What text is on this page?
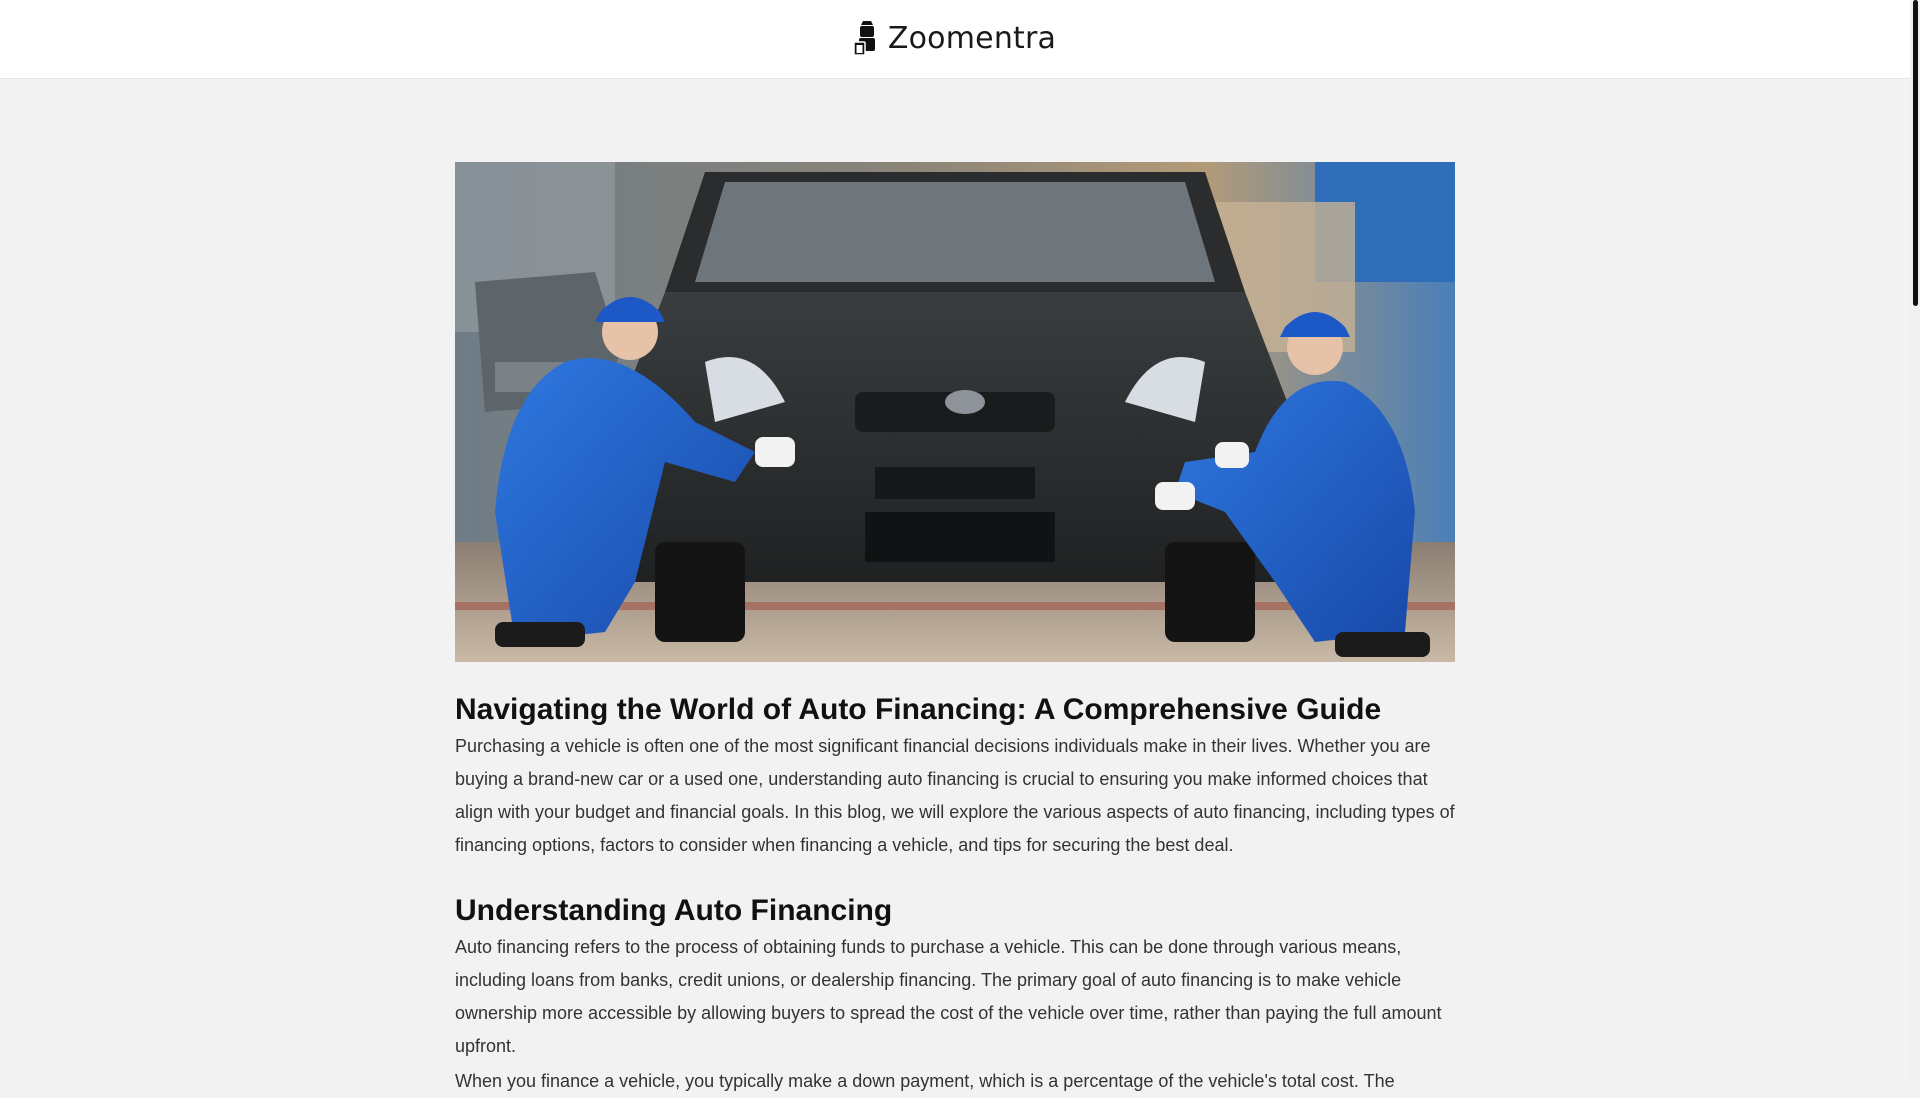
Zoomentra
Navigating the World of Auto Financing: A Comprehensive Guide

Purchasing a vehicle is often one of the most significant financial decisions individuals make in their lives. Whether you are buying a brand-new car or a used one, understanding auto financing is crucial to ensuring you make informed choices that align with your budget and financial goals. In this blog, we will explore the various aspects of auto financing, including types of financing options, factors to consider when financing a vehicle, and tips for securing the best deal.

Understanding Auto Financing

Auto financing refers to the process of obtaining funds to purchase a vehicle. This can be done through various means, including loans from banks, credit unions, or dealership financing. The primary goal of auto financing is to make vehicle ownership more accessible by allowing buyers to spread the cost of the vehicle over time, rather than paying the full amount upfront.

When you finance a vehicle, you typically make a down payment, which is a percentage of the vehicle's total cost. The
